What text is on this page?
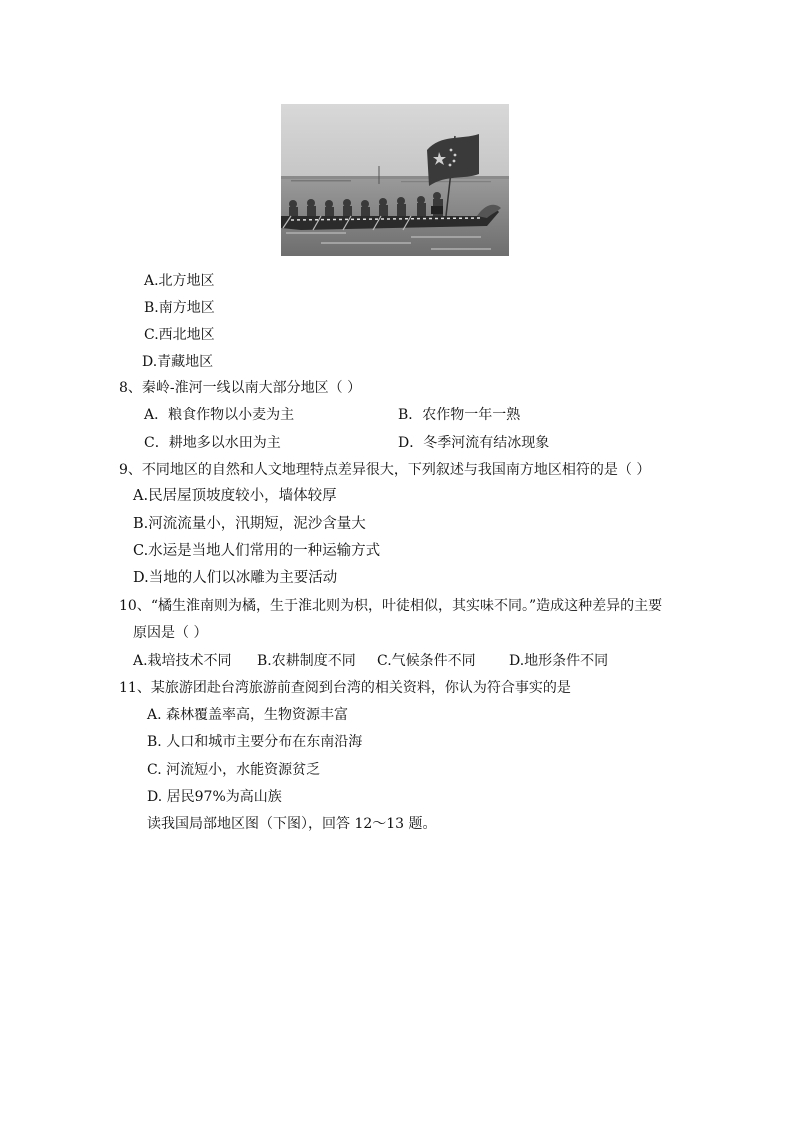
A.北方地区
B.南方地区
C.西北地区
D.青藏地区
8、秦岭-淮河一线以南大部分地区（ ）
A．粮食作物以小麦为主	B．农作物一年一熟
C．耕地多以水田为主	D．冬季河流有结冰现象
9、不同地区的自然和人文地理特点差异很大，下列叙述与我国南方地区相符的是（ ）
A.民居屋顶坡度较小，墙体较厚
B.河流流量小，汛期短，泥沙含量大
C.水运是当地人们常用的一种运输方式
D.当地的人们以冰雕为主要活动
10、“橘生淮南则为橘，生于淮北则为枳，叶徒相似，其实味不同。”造成这种差异的主要
原因是（ ）
A.栽培技术不同 B.农耕制度不同 C.气候条件不同 D.地形条件不同
11、某旅游团赴台湾旅游前查阅到台湾的相关资料，你认为符合事实的是
A. 森林覆盖率高，生物资源丰富
B. 人口和城市主要分布在东南沿海
C. 河流短小，水能资源贫乏
D. 居民97%为高山族
读我国局部地区图（下图），回答 12～13 题。
